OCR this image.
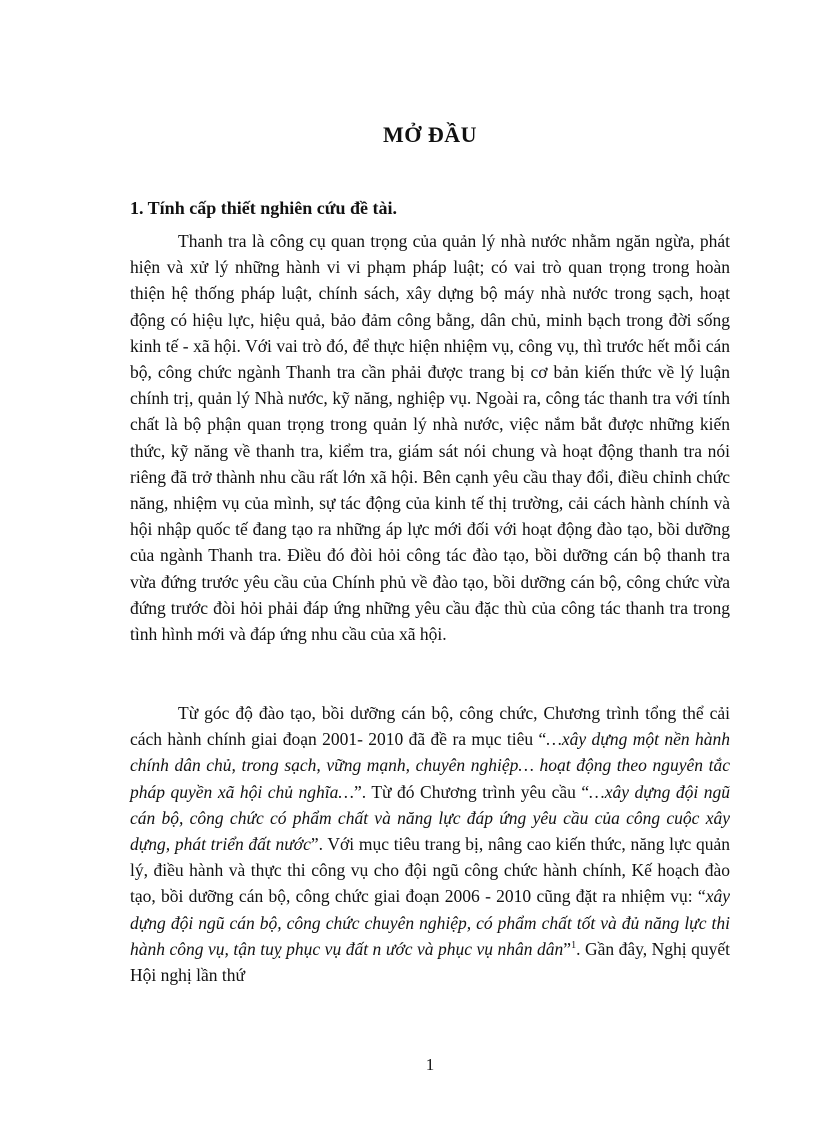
MỞ ĐẦU
1. Tính cấp thiết nghiên cứu đề tài.

Thanh tra là công cụ quan trọng của quản lý nhà nước nhằm ngăn ngừa, phát hiện và xử lý những hành vi vi phạm pháp luật; có vai trò quan trọng trong hoàn thiện hệ thống pháp luật, chính sách, xây dựng bộ máy nhà nước trong sạch, hoạt động có hiệu lực, hiệu quả, bảo đảm công bằng, dân chủ, minh bạch trong đời sống kinh tế - xã hội. Với vai trò đó, để thực hiện nhiệm vụ, công vụ, thì trước hết mỗi cán bộ, công chức ngành Thanh tra cần phải được trang bị cơ bản kiến thức về lý luận chính trị, quản lý Nhà nước, kỹ năng, nghiệp vụ. Ngoài ra, công tác thanh tra với tính chất là bộ phận quan trọng trong quản lý nhà nước, việc nắm bắt được những kiến thức, kỹ năng về thanh tra, kiểm tra, giám sát nói chung và hoạt động thanh tra nói riêng đã trở thành nhu cầu rất lớn xã hội. Bên cạnh yêu cầu thay đổi, điều chỉnh chức năng, nhiệm vụ của mình, sự tác động của kinh tế thị trường, cải cách hành chính và hội nhập quốc tế đang tạo ra những áp lực mới đối với hoạt động đào tạo, bồi dưỡng của ngành Thanh tra. Điều đó đòi hỏi công tác đào tạo, bồi dưỡng cán bộ thanh tra vừa đứng trước yêu cầu của Chính phủ về đào tạo, bồi dưỡng cán bộ, công chức vừa đứng trước đòi hỏi phải đáp ứng những yêu cầu đặc thù của công tác thanh tra trong tình hình mới và đáp ứng nhu cầu của xã hội.

Từ góc độ đào tạo, bồi dưỡng cán bộ, công chức, Chương trình tổng thể cải cách hành chính giai đoạn 2001- 2010 đã đề ra mục tiêu “…xây dựng một nền hành chính dân chủ, trong sạch, vững mạnh, chuyên nghiệp… hoạt động theo nguyên tắc pháp quyền xã hội chủ nghĩa…”. Từ đó Chương trình yêu cầu “…xây dựng đội ngũ cán bộ, công chức có phẩm chất và năng lực đáp ứng yêu cầu của công cuộc xây dựng, phát triển đất nước”. Với mục tiêu trang bị, nâng cao kiến thức, năng lực quản lý, điều hành và thực thi công vụ cho đội ngũ công chức hành chính, Kế hoạch đào tạo, bồi dưỡng cán bộ, công chức giai đoạn 2006 - 2010 cũng đặt ra nhiệm vụ: “xây dựng đội ngũ cán bộ, công chức chuyên nghiệp, có phẩm chất tốt và đủ năng lực thi hành công vụ, tận tuỵ phục vụ đất n ước và phục vụ nhân dân”$^1$. Gần đây, Nghị quyết Hội nghị lần thứ

1
